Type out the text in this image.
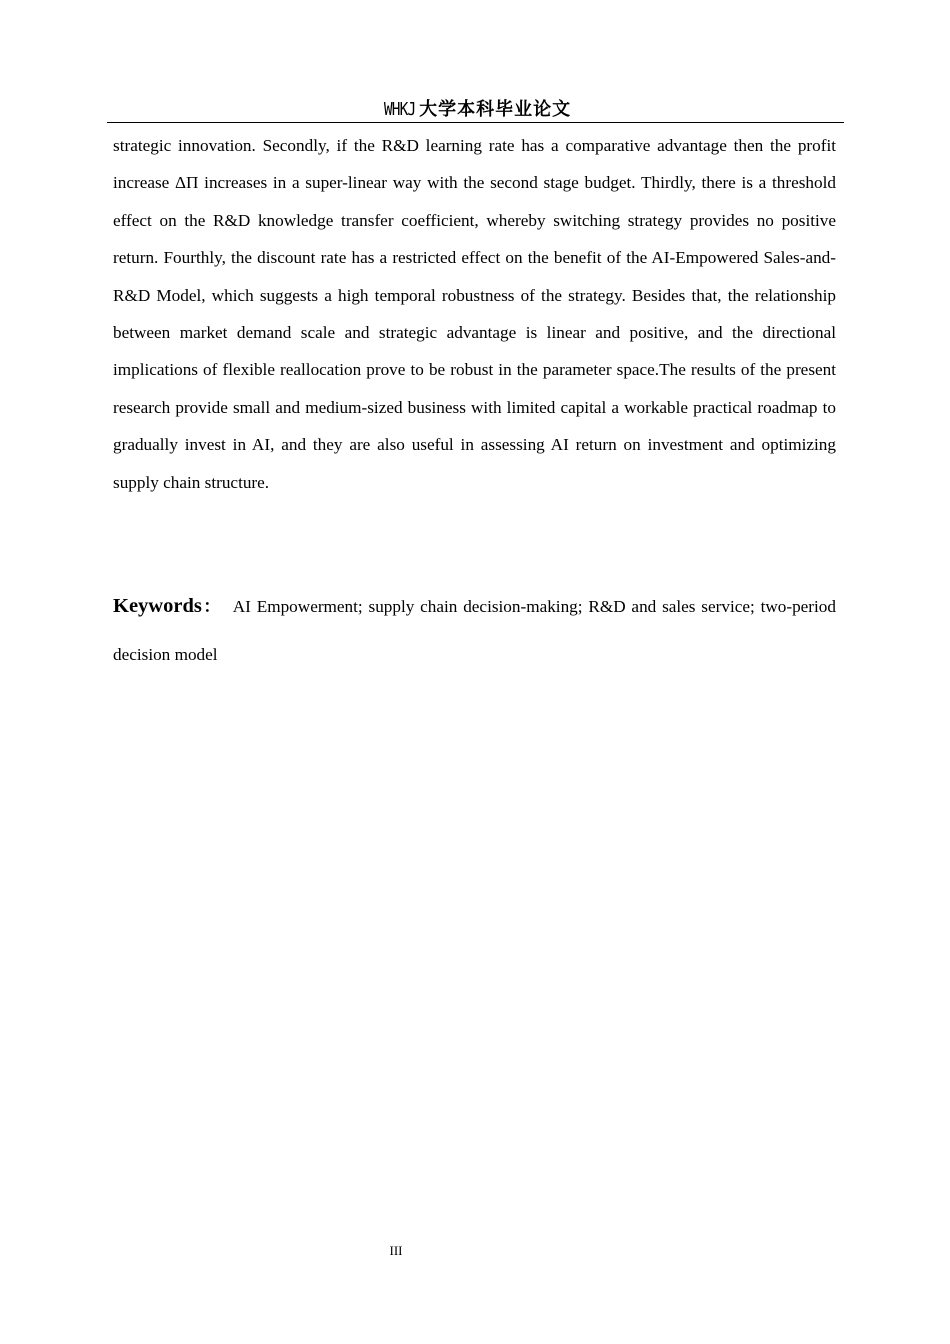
WHKJ 大学本科毕业论文

strategic innovation. Secondly, if the R&D learning rate has a comparative advantage then the profit increase ΔΠ increases in a super-linear way with the second stage budget. Thirdly, there is a threshold effect on the R&D knowledge transfer coefficient, whereby switching strategy provides no positive return. Fourthly, the discount rate has a restricted effect on the benefit of the AI-Empowered Sales-and-R&D Model, which suggests a high temporal robustness of the strategy. Besides that, the relationship between market demand scale and strategic advantage is linear and positive, and the directional implications of flexible reallocation prove to be robust in the parameter space.The results of the present research provide small and medium-sized business with limited capital a workable practical roadmap to gradually invest in AI, and they are also useful in assessing AI return on investment and optimizing supply chain structure.

Keywords： AI Empowerment; supply chain decision-making; R&D and sales service; two-period decision model

III
